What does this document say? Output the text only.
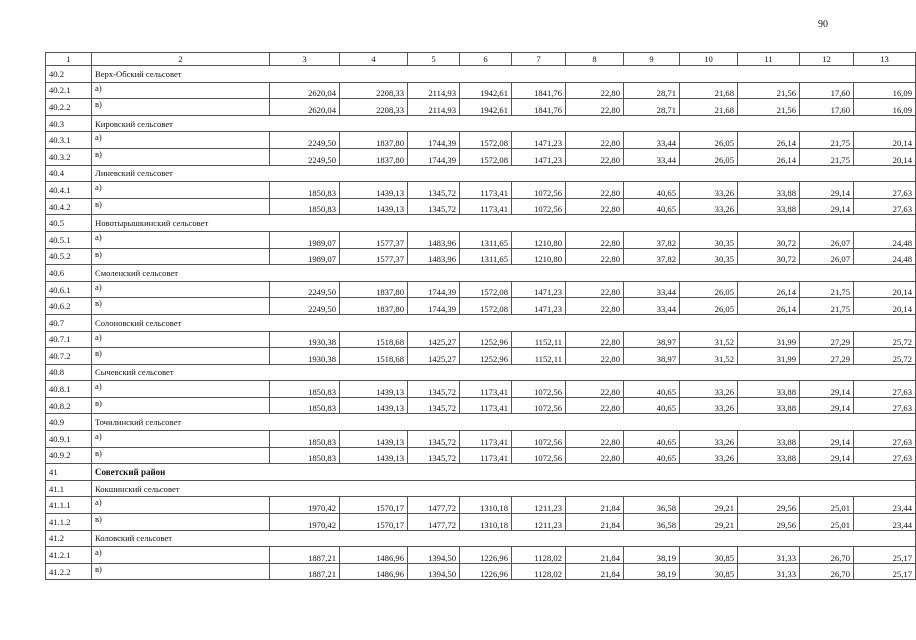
90
1	2	3	4	5	6	7	8	9	10	11	12	13
40.2	Верх-Обский сельсовет											
40.2.1	а)	2620,04	2208,33	2114,93	1942,61	1841,76	22,80	28,71	21,68	21,56	17,60	16,09
40.2.2	в)	2620,04	2208,33	2114,93	1942,61	1841,76	22,80	28,71	21,68	21,56	17,60	16,09
40.3	Кировский сельсовет											
40.3.1	а)	2249,50	1837,80	1744,39	1572,08	1471,23	22,80	33,44	26,05	26,14	21,75	20,14
40.3.2	в)	2249,50	1837,80	1744,39	1572,08	1471,23	22,80	33,44	26,05	26,14	21,75	20,14
40.4	Линевский сельсовет											
40.4.1	а)	1850,83	1439,13	1345,72	1173,41	1072,56	22,80	40,65	33,26	33,88	29,14	27,63
40.4.2	в)	1850,83	1439,13	1345,72	1173,41	1072,56	22,80	40,65	33,26	33,88	29,14	27,63
40.5	Новотырышкинский сельсовет											
40.5.1	а)	1989,07	1577,37	1483,96	1311,65	1210,80	22,80	37,82	30,35	30,72	26,07	24,48
40.5.2	в)	1989,07	1577,37	1483,96	1311,65	1210,80	22,80	37,82	30,35	30,72	26,07	24,48
40.6	Смоленский сельсовет											
40.6.1	а)	2249,50	1837,80	1744,39	1572,08	1471,23	22,80	33,44	26,05	26,14	21,75	20,14
40.6.2	в)	2249,50	1837,80	1744,39	1572,08	1471,23	22,80	33,44	26,05	26,14	21,75	20,14
40.7	Солоновский сельсовет											
40.7.1	а)	1930,38	1518,68	1425,27	1252,96	1152,11	22,80	38,97	31,52	31,99	27,29	25,72
40.7.2	в)	1930,38	1518,68	1425,27	1252,96	1152,11	22,80	38,97	31,52	31,99	27,29	25,72
40.8	Сычевский сельсовет											
40.8.1	а)	1850,83	1439,13	1345,72	1173,41	1072,56	22,80	40,65	33,26	33,88	29,14	27,63
40.8.2	в)	1850,83	1439,13	1345,72	1173,41	1072,56	22,80	40,65	33,26	33,88	29,14	27,63
40.9	Точилинский сельсовет											
40.9.1	а)	1850,83	1439,13	1345,72	1173,41	1072,56	22,80	40,65	33,26	33,88	29,14	27,63
40.9.2	в)	1850,83	1439,13	1345,72	1173,41	1072,56	22,80	40,65	33,26	33,88	29,14	27,63
41	Советский район											
41.1	Кокшинский сельсовет											
41.1.1	а)	1970,42	1570,17	1477,72	1310,18	1211,23	21,84	36,58	29,21	29,56	25,01	23,44
41.1.2	в)	1970,42	1570,17	1477,72	1310,18	1211,23	21,84	36,58	29,21	29,56	25,01	23,44
41.2	Коловский сельсовет											
41.2.1	а)	1887,21	1486,96	1394,50	1226,96	1128,02	21,84	38,19	30,85	31,33	26,70	25,17
41.2.2	в)	1887,21	1486,96	1394,50	1226,96	1128,02	21,84	38,19	30,85	31,33	26,70	25,17
